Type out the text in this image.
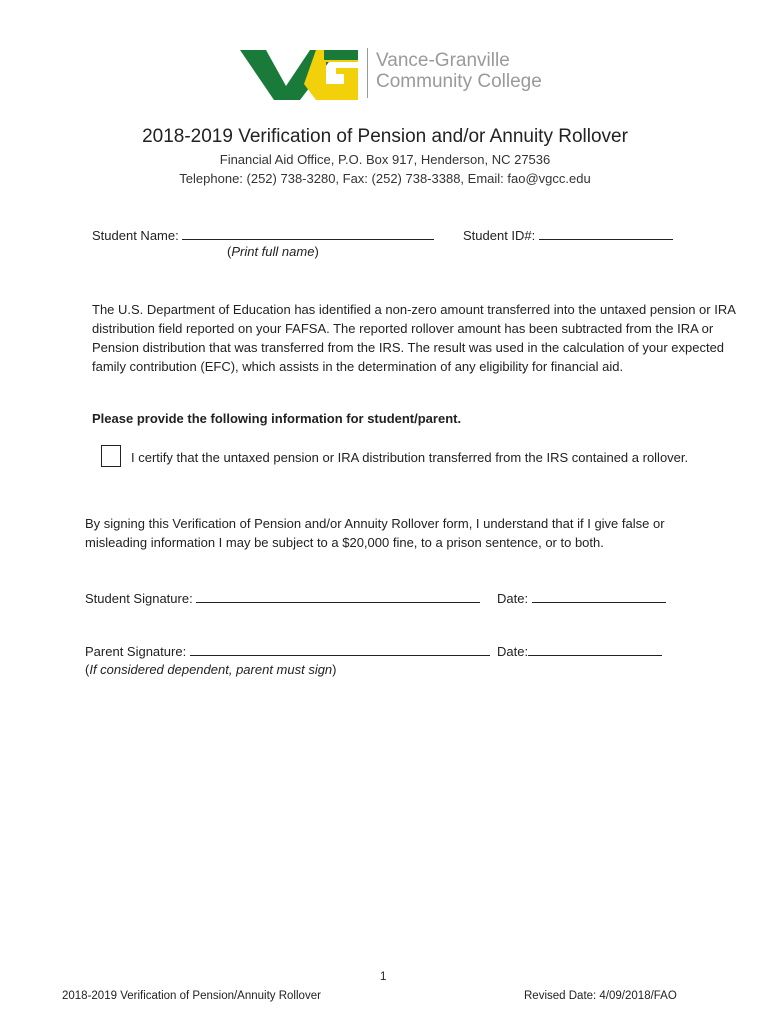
Vance-Granville
Community College
2018-2019 Verification of Pension and/or Annuity Rollover
Financial Aid Office, P.O. Box 917, Henderson, NC 27536
Telephone: (252) 738-3280, Fax: (252) 738-3388, Email: fao@vgcc.edu
Student Name:
(Print full name)
Student ID#:
The U.S. Department of Education has identified a non-zero amount transferred into the untaxed pension or IRA distribution field reported on your FAFSA. The reported rollover amount has been subtracted from the IRA or Pension distribution that was transferred from the IRS. The result was used in the calculation of your expected family contribution (EFC), which assists in the determination of any eligibility for financial aid.
Please provide the following information for student/parent.
I certify that the untaxed pension or IRA distribution transferred from the IRS contained a rollover.
By signing this Verification of Pension and/or Annuity Rollover form, I understand that if I give false or misleading information I may be subject to a $20,000 fine, to a prison sentence, or to both.
Student Signature:	Date:
Parent Signature:	Date:
(If considered dependent, parent must sign)
1
2018-2019 Verification of Pension/Annuity Rollover	Revised Date: 4/09/2018/FAO
